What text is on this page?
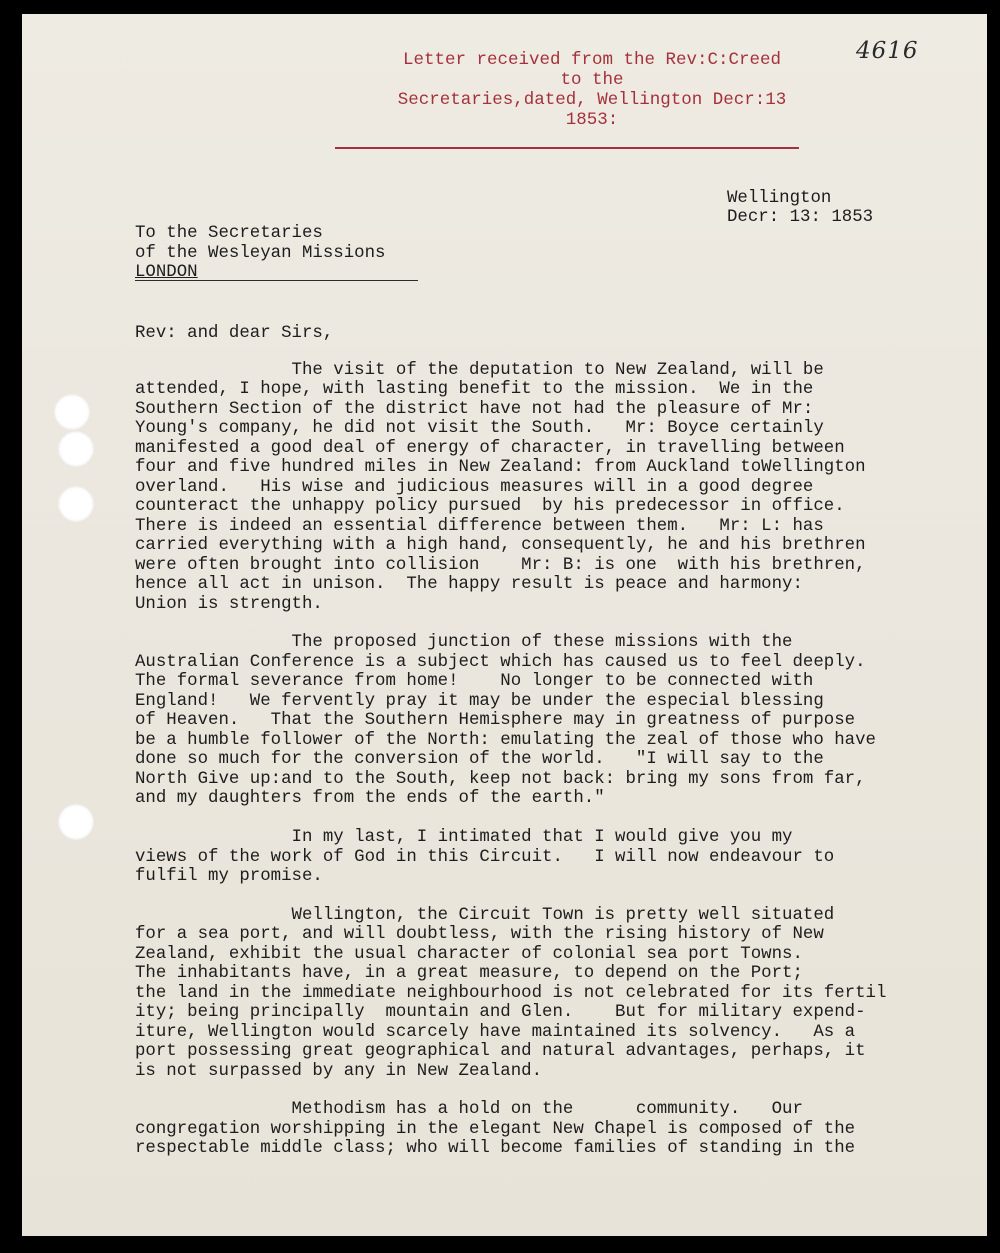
4616
Letter received from the Rev:C:Creed
to the
Secretaries,dated, Wellington Decr:13
1853:
Wellington
Decr: 13: 1853
To the Secretaries
of the Wesleyan Missions
LONDON
Rev: and dear Sirs,
The visit of the deputation to New Zealand, will be
attended, I hope, with lasting benefit to the mission.  We in the
Southern Section of the district have not had the pleasure of Mr:
Young's company, he did not visit the South.   Mr: Boyce certainly
manifested a good deal of energy of character, in travelling between
four and five hundred miles in New Zealand: from Auckland toWellington
overland.   His wise and judicious measures will in a good degree
counteract the unhappy policy pursued  by his predecessor in office.
There is indeed an essential difference between them.   Mr: L: has
carried everything with a high hand, consequently, he and his brethren
were often brought into collision    Mr: B: is one  with his brethren,
hence all act in unison.  The happy result is peace and harmony:
Union is strength.
The proposed junction of these missions with the
Australian Conference is a subject which has caused us to feel deeply.
The formal severance from home!    No longer to be connected with
England!   We fervently pray it may be under the especial blessing
of Heaven.   That the Southern Hemisphere may in greatness of purpose
be a humble follower of the North: emulating the zeal of those who have
done so much for the conversion of the world.   "I will say to the
North Give up:and to the South, keep not back: bring my sons from far,
and my daughters from the ends of the earth."
In my last, I intimated that I would give you my
views of the work of God in this Circuit.   I will now endeavour to
fulfil my promise.
Wellington, the Circuit Town is pretty well situated
for a sea port, and will doubtless, with the rising history of New
Zealand, exhibit the usual character of colonial sea port Towns.
The inhabitants have, in a great measure, to depend on the Port;
the land in the immediate neighbourhood is not celebrated for its fertil
ity; being principally  mountain and Glen.    But for military expend-
iture, Wellington would scarcely have maintained its solvency.   As a
port possessing great geographical and natural advantages, perhaps, it
is not surpassed by any in New Zealand.
Methodism has a hold on the      community.   Our
congregation worshipping in the elegant New Chapel is composed of the
respectable middle class; who will become families of standing in the
